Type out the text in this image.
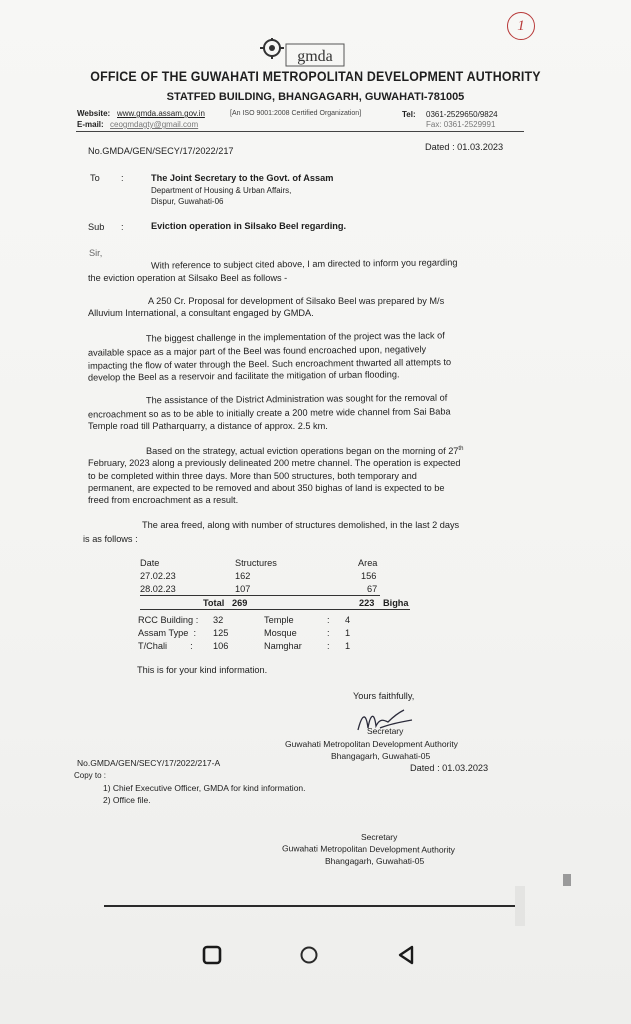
1
gmda
OFFICE OF THE GUWAHATI METROPOLITAN DEVELOPMENT AUTHORITY
STATFED BUILDING, BHANGAGARH, GUWAHATI-781005
Website: www.gmda.assam.gov.in	[An ISO 9001:2008 Certified Organization]	Tel: 0361-2529650/9824
E-mail: ceogmdagty@gmail.com	Fax: 0361-2529991
No.GMDA/GEN/SECY/17/2022/217	Dated : 01.03.2023
To :	The Joint Secretary to the Govt. of Assam
Department of Housing & Urban Affairs,
Dispur, Guwahati-06
Sub :	Eviction operation in Silsako Beel regarding.
Sir,
With reference to subject cited above, I am directed to inform you regarding
the eviction operation at Silsako Beel as follows -
A 250 Cr. Proposal for development of Silsako Beel was prepared by M/s
Alluvium International, a consultant engaged by GMDA.
The biggest challenge in the implementation of the project was the lack of
available space as a major part of the Beel was found encroached upon, negatively
impacting the flow of water through the Beel. Such encroachment thwarted all attempts to
develop the Beel as a reservoir and facilitate the mitigation of urban flooding.
The assistance of the District Administration was sought for the removal of
encroachment so as to be able to initially create a 200 metre wide channel from Sai Baba
Temple road till Patharquarry, a distance of approx. 2.5 km.
Based on the strategy, actual eviction operations began on the morning of 27th
February, 2023 along a previously delineated 200 metre channel. The operation is expected
to be completed within three days. More than 500 structures, both temporary and
permanent, are expected to be removed and about 350 bighas of land is expected to be
freed from encroachment as a result.
The area freed, along with number of structures demolished, in the last 2 days
is as follows :
Date	Structures	Area
27.02.23	162	156
28.02.23	107	67
Total 269	223 Bigha
RCC Building : 32	Temple	: 4
Assam Type  : 125	Mosque	: 1
T/Chali         : 106	Namghar	: 1
This is for your kind information.
Yours faithfully,
Secretary
Guwahati Metropolitan Development Authority
Bhangagarh, Guwahati-05
No.GMDA/GEN/SECY/17/2022/217-A	Dated : 01.03.2023
Copy to :
1) Chief Executive Officer, GMDA for kind information.
2) Office file.
Secretary
Guwahati Metropolitan Development Authority
Bhangagarh, Guwahati-05
